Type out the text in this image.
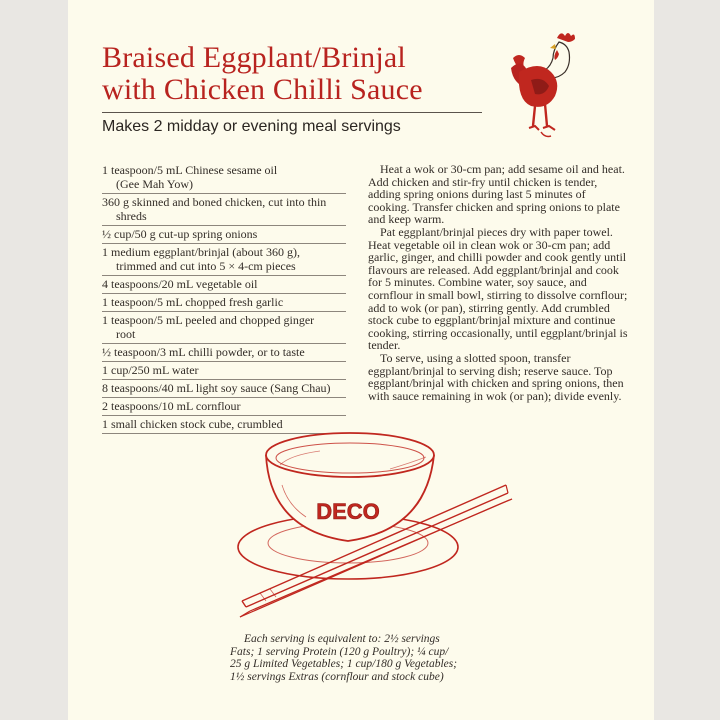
Braised Eggplant/Brinjal
with Chicken Chilli Sauce
Makes 2 midday or evening meal servings
1 teaspoon/5 mL Chinese sesame oil
(Gee Mah Yow)
360 g skinned and boned chicken, cut into thin
shreds
½ cup/50 g cut-up spring onions
1 medium eggplant/brinjal (about 360 g),
trimmed and cut into 5 × 4-cm pieces
4 teaspoons/20 mL vegetable oil
1 teaspoon/5 mL chopped fresh garlic
1 teaspoon/5 mL peeled and chopped ginger
root
½ teaspoon/3 mL chilli powder, or to taste
1 cup/250 mL water
8 teaspoons/40 mL light soy sauce (Sang Chau)
2 teaspoons/10 mL cornflour
1 small chicken stock cube, crumbled

Heat a wok or 30-cm pan; add sesame oil and heat. Add chicken and stir-fry until chicken is tender, adding spring onions during last 5 minutes of cooking. Transfer chicken and spring onions to plate and keep warm.

Pat eggplant/brinjal pieces dry with paper towel. Heat vegetable oil in clean wok or 30-cm pan; add garlic, ginger, and chilli powder and cook gently until flavours are released. Add eggplant/brinjal and cook for 5 minutes. Combine water, soy sauce, and cornflour in small bowl, stirring to dissolve cornflour; add to wok (or pan), stirring gently. Add crumbled stock cube to eggplant/brinjal mixture and continue cooking, stirring occasionally, until eggplant/brinjal is tender.

To serve, using a slotted spoon, transfer eggplant/brinjal to serving dish; reserve sauce. Top eggplant/brinjal with chicken and spring onions, then with sauce remaining in wok (or pan); divide evenly.

DECO
Each serving is equivalent to: 2½ servings
Fats; 1 serving Protein (120 g Poultry); ¼ cup/
25 g Limited Vegetables; 1 cup/180 g Vegetables;
1½ servings Extras (cornflour and stock cube)
